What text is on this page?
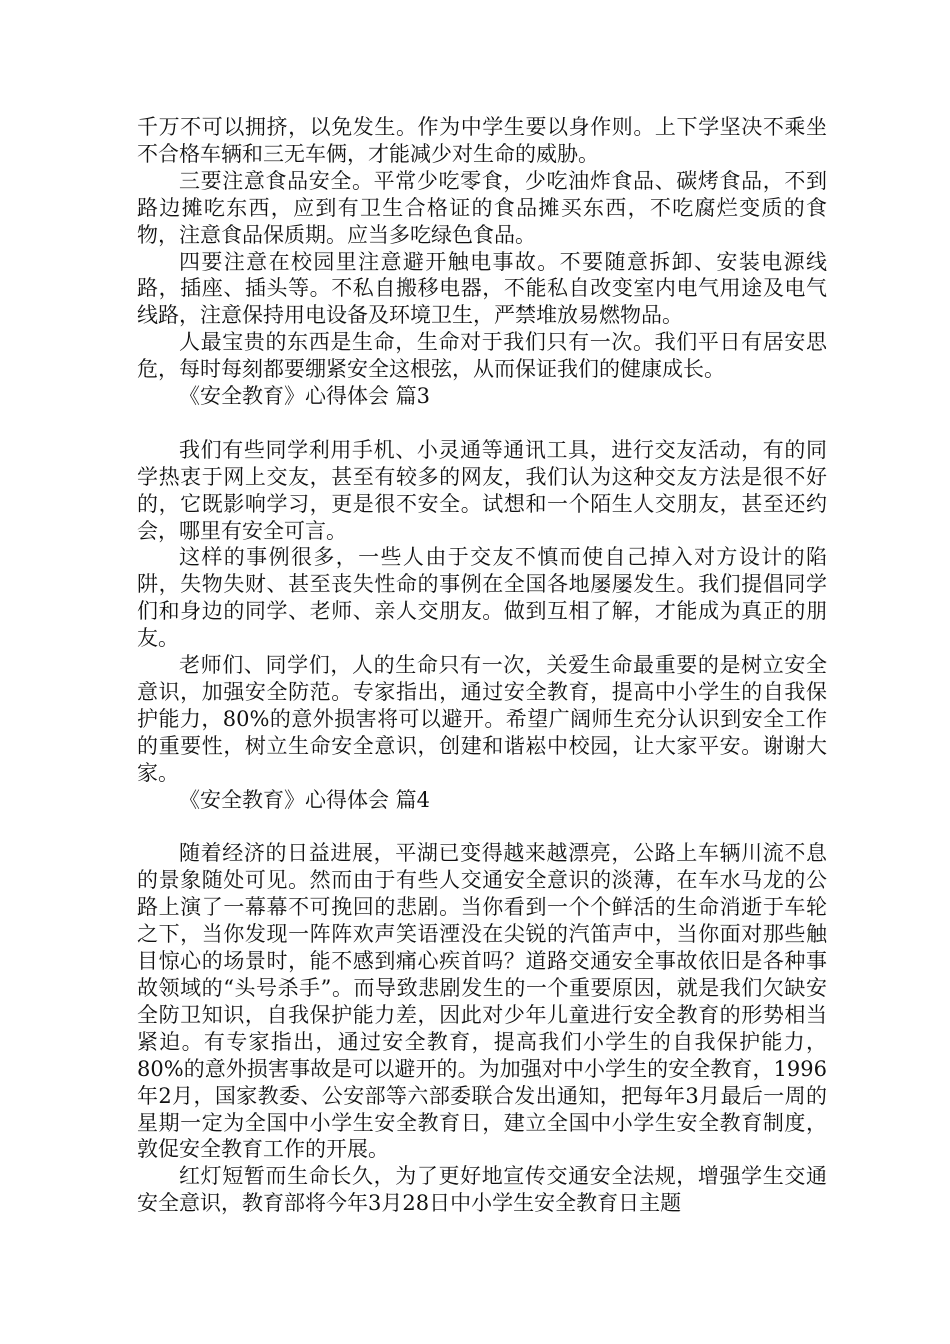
千万不可以拥挤，以免发生。作为中学生要以身作则。上下学坚决不乘坐不合格车辆和三无车俩，才能减少对生命的威胁。

三要注意食品安全。平常少吃零食，少吃油炸食品、碳烤食品，不到路边摊吃东西，应到有卫生合格证的食品摊买东西，不吃腐烂变质的食物，注意食品保质期。应当多吃绿色食品。

四要注意在校园里注意避开触电事故。不要随意拆卸、安装电源线路，插座、插头等。不私自搬移电器，不能私自改变室内电气用途及电气线路，注意保持用电设备及环境卫生，严禁堆放易燃物品。

人最宝贵的东西是生命，生命对于我们只有一次。我们平日有居安思危，每时每刻都要绷紧安全这根弦，从而保证我们的健康成长。

《安全教育》心得体会 篇3

我们有些同学利用手机、小灵通等通讯工具，进行交友活动，有的同学热衷于网上交友，甚至有较多的网友，我们认为这种交友方法是很不好的，它既影响学习，更是很不安全。试想和一个陌生人交朋友，甚至还约会，哪里有安全可言。

这样的事例很多，一些人由于交友不慎而使自己掉入对方设计的陷阱，失物失财、甚至丧失性命的事例在全国各地屡屡发生。我们提倡同学们和身边的同学、老师、亲人交朋友。做到互相了解，才能成为真正的朋友。

老师们、同学们，人的生命只有一次，关爱生命最重要的是树立安全意识，加强安全防范。专家指出，通过安全教育，提高中小学生的自我保护能力，80%的意外损害将可以避开。希望广阔师生充分认识到安全工作的重要性，树立生命安全意识，创建和谐崧中校园，让大家平安。谢谢大家。

《安全教育》心得体会 篇4

随着经济的日益进展，平湖已变得越来越漂亮，公路上车辆川流不息的景象随处可见。然而由于有些人交通安全意识的淡薄，在车水马龙的公路上演了一幕幕不可挽回的悲剧。当你看到一个个鲜活的生命消逝于车轮之下，当你发现一阵阵欢声笑语湮没在尖锐的汽笛声中，当你面对那些触目惊心的场景时，能不感到痛心疾首吗？道路交通安全事故依旧是各种事故领域的“头号杀手”。而导致悲剧发生的一个重要原因，就是我们欠缺安全防卫知识，自我保护能力差，因此对少年儿童进行安全教育的形势相当紧迫。有专家指出，通过安全教育，提高我们小学生的自我保护能力，80%的意外损害事故是可以避开的。为加强对中小学生的安全教育，1996年2月，国家教委、公安部等六部委联合发出通知，把每年3月最后一周的星期一定为全国中小学生安全教育日，建立全国中小学生安全教育制度，敦促安全教育工作的开展。

红灯短暂而生命长久，为了更好地宣传交通安全法规，增强学生交通安全意识，教育部将今年3月28日中小学生安全教育日主题
